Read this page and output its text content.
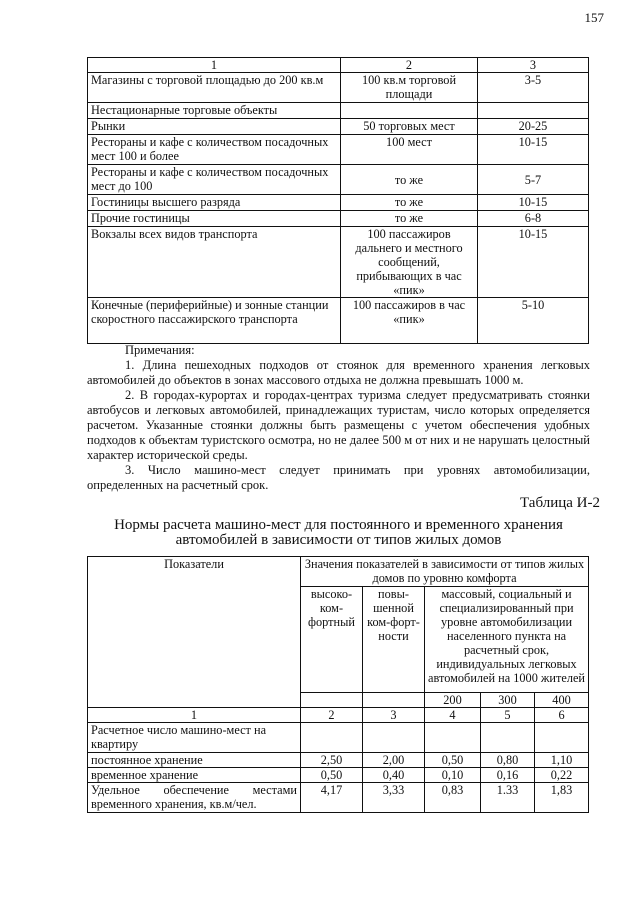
157
1	2	3
Магазины с торговой площадью до 200 кв.м	100 кв.м торговой площади	3-5
Нестационарные торговые объекты		
Рынки	50 торговых мест	20-25
Рестораны и кафе с количеством посадочных мест 100 и более	100 мест	10-15
Рестораны и кафе с количеством посадочных мест до 100	то же	5-7
Гостиницы высшего разряда	то же	10-15
Прочие гостиницы	то же	6-8
Вокзалы всех видов транспорта	100 пассажиров дальнего и местного сообщений, прибывающих в час «пик»	10-15
Конечные (периферийные) и зонные станции скоростного пассажирского транспорта	100 пассажиров в час «пик»	5-10

Примечания:

1. Длина пешеходных подходов от стоянок для временного хранения легковых автомобилей до объектов в зонах массового отдыха не должна превышать 1000 м.

2. В городах-курортах и городах-центрах туризма следует предусматривать стоянки автобусов и легковых автомобилей, принадлежащих туристам, число которых определяется расчетом. Указанные стоянки должны быть размещены с учетом обеспечения удобных подходов к объектам туристского осмотра, но не далее 500 м от них и не нарушать целостный характер исторической среды.

3. Число машино-мест следует принимать при уровнях автомобилизации, определенных на расчетный срок.

Таблица И-2
Нормы расчета машино-мест для постоянного и временного хранения
автомобилей в зависимости от типов жилых домов
Показатели	Значения показателей в зависимости от типов жилых домов по уровню комфорта				
	высоко-ком-фортный	повы-шенной ком-форт-ности	массовый, социальный и специализированный при уровне автомобилизации населенного пункта на расчетный срок, индивидуальных легковых автомобилей на 1000 жителей		
			200	300	400
1	2	3	4	5	6
Расчетное число машино-мест на квартиру					
постоянное хранение	2,50	2,00	0,50	0,80	1,10
временное хранение	0,50	0,40	0,10	0,16	0,22
Удельное обеспечение местами временного хранения, кв.м/чел.	4,17	3,33	0,83	1.33	1,83
